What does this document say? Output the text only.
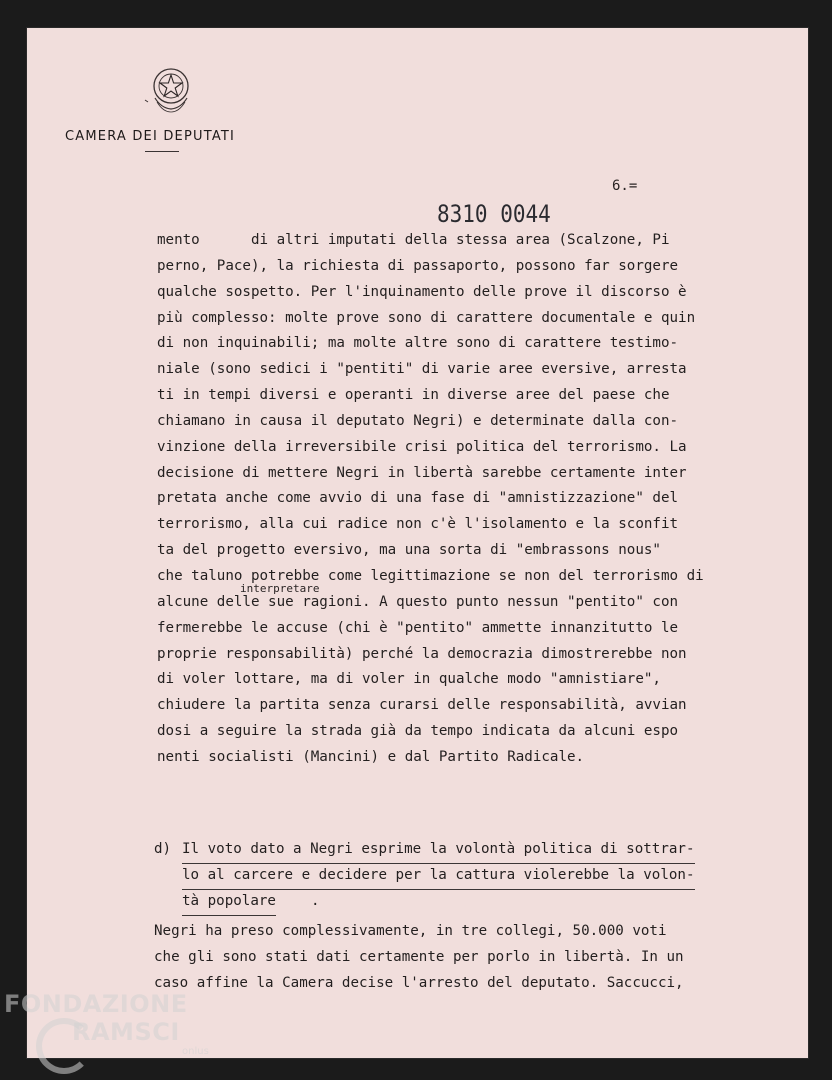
CAMERA DEI DEPUTATI
6.=
8310 0044
interpretare
mento      di altri imputati della stessa area (Scalzone, Pi
perno, Pace), la richiesta di passaporto, possono far sorgere
qualche sospetto. Per l'inquinamento delle prove il discorso è
più complesso: molte prove sono di carattere documentale e quin
di non inquinabili; ma molte altre sono di carattere testimo-
niale (sono sedici i "pentiti" di varie aree eversive, arresta
ti in tempi diversi e operanti in diverse aree del paese che
chiamano in causa il deputato Negri) e determinate dalla con-
vinzione della irreversibile crisi politica del terrorismo. La
decisione di mettere Negri in libertà sarebbe certamente inter
pretata anche come avvio di una fase di "amnistizzazione" del
terrorismo, alla cui radice non c'è l'isolamento e la sconfit
ta del progetto eversivo, ma una sorta di "embrassons nous"
che taluno potrebbe come legittimazione se non del terrorismo di
alcune delle sue ragioni. A questo punto nessun "pentito" con
fermerebbe le accuse (chi è "pentito" ammette innanzitutto le
proprie responsabilità) perché la democrazia dimostrerebbe non
di voler lottare, ma di voler in qualche modo "amnistiare",
chiudere la partita senza curarsi delle responsabilità, avvian
dosi a seguire la strada già da tempo indicata da alcuni espo
nenti socialisti (Mancini) e dal Partito Radicale.
d) Il voto dato a Negri esprime la volontà politica di sottrar-
lo al carcere e decidere per la cattura violerebbe la volon-
tà popolare .
Negri ha preso complessivamente, in tre collegi, 50.000 voti
che gli sono stati dati certamente per porlo in libertà. In un
caso affine la Camera decise l'arresto del deputato. Saccucci,
FONDAZIONE
RAMSCI
onlus
